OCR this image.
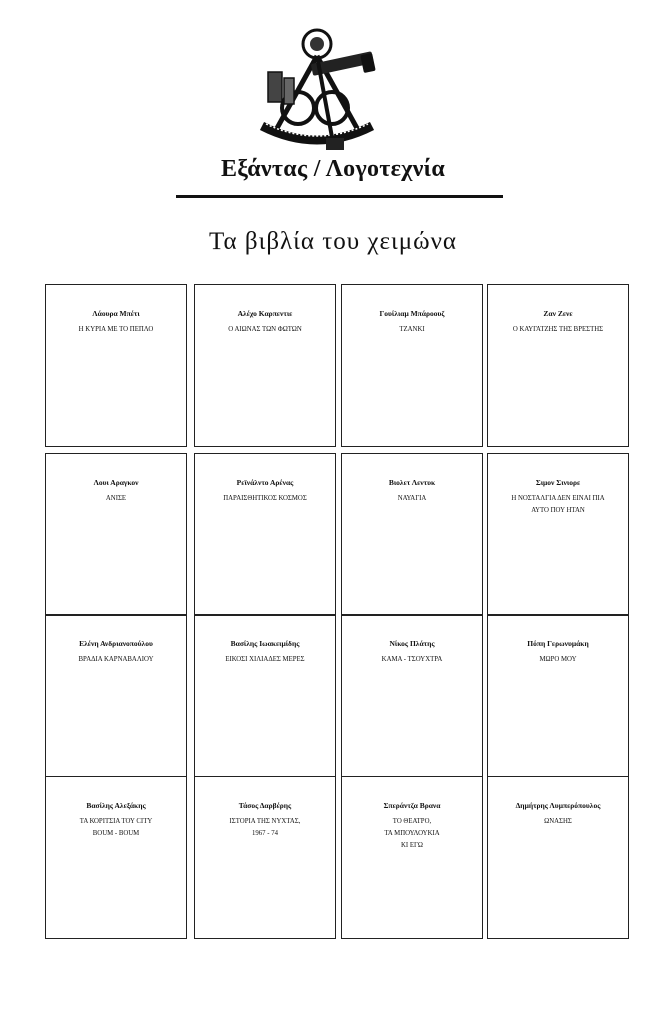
Εξάντας / Λογοτεχνία
Τα βιβλία του χειμώνα
Λάουρα Μπέτι
Η ΚΥΡΙΑ ΜΕ ΤΟ ΠΕΠΛΟ
Αλέχο Καρπεντιε
Ο ΑΙΩΝΑΣ ΤΩΝ ΦΩΤΩΝ
Γουίλιαμ Μπάροουζ
ΤΖΑΝΚΙ
Ζαν Ζενε
Ο ΚΑΥΓΑΤΖΗΣ ΤΗΣ ΒΡΕΣΤΗΣ
Λουι Αραγκον
ΑΝΙΣΕ
Ρεϊνάλντο Αρένας
ΠΑΡΑΙΣΘΗΤΙΚΟΣ ΚΟΣΜΟΣ
Βιολετ Λεντυκ
ΝΑΥΑΓΙΑ
Σιμον Σινιορε
Η ΝΟΣΤΑΛΓΙΑ ΔΕΝ ΕΙΝΑΙ ΠΙΑ
ΑΥΤΟ ΠΟΥ ΗΤΑΝ
Ελένη Ανδριανοπούλου
ΒΡΑΔΙΑ ΚΑΡΝΑΒΑΛΙΟΥ
Βασίλης Ιωακειμίδης
ΕΙΚΟΣΙ ΧΙΛΙΑΔΕΣ ΜΕΡΕΣ
Νίκος Πλάτης
ΚΑΜΑ - ΤΣΟΥΧΤΡΑ
Πόπη Γερωνυμάκη
ΜΩΡΟ ΜΟΥ
Βασίλης Αλεξάκης
ΤΑ ΚΟΡΙΤΣΙΑ ΤΟΥ CITY
BOUM - BOUM
Τάσος Δαρβέρης
ΙΣΤΟΡΙΑ ΤΗΣ ΝΥΧΤΑΣ,
1967 - 74
Σπεράντζα Βρανα
ΤΟ ΘΕΑΤΡΟ,
ΤΑ ΜΠΟΥΛΟΥΚΙΑ
ΚΙ ΕΓΩ
Δημήτρης Λυμπερόπουλος
ΩΝΑΣΗΣ
